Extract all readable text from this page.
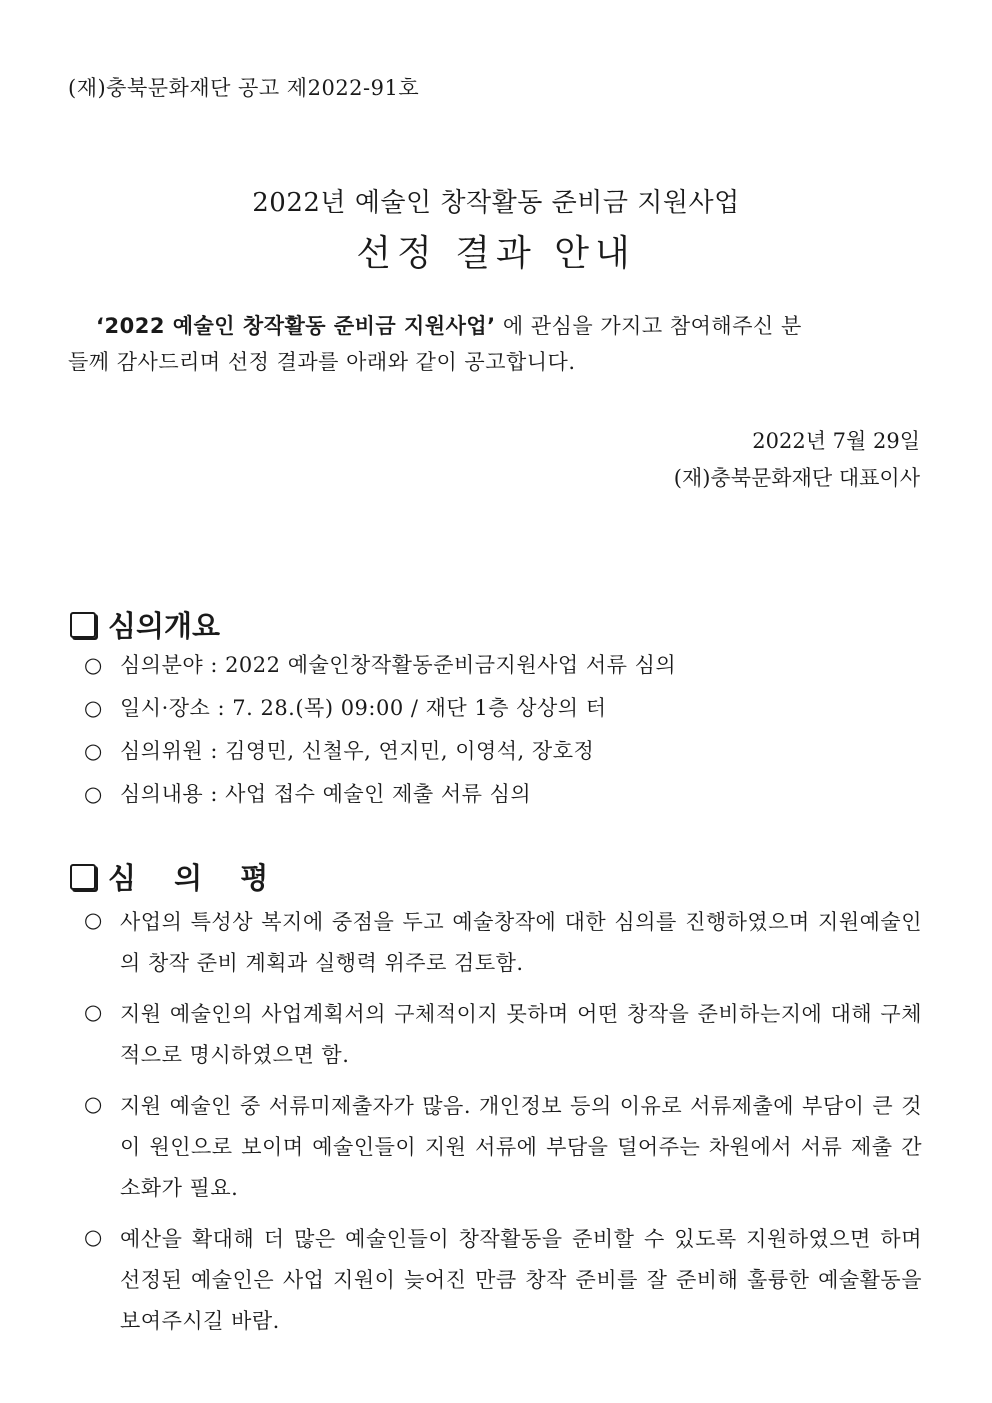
(재)충북문화재단 공고 제2022-91호
2022년 예술인 창작활동 준비금 지원사업
선정 결과 안내
‘2022 예술인 창작활동 준비금 지원사업’ 에 관심을 가지고 참여해주신 분
들께 감사드리며 선정 결과를 아래와 같이 공고합니다.
2022년 7월 29일
(재)충북문화재단 대표이사
심의개요
○ 심의분야 : 2022 예술인창작활동준비금지원사업 서류 심의
○ 일시·장소 : 7. 28.(목) 09:00 / 재단 1층 상상의 터
○ 심의위원 : 김영민, 신철우, 연지민, 이영석, 장호정
○ 심의내용 : 사업 접수 예술인 제출 서류 심의
심 의 평
○ 사업의 특성상 복지에 중점을 두고 예술창작에 대한 심의를 진행하였으며 지원예술인의 창작 준비 계획과 실행력 위주로 검토함.
○ 지원 예술인의 사업계획서의 구체적이지 못하며 어떤 창작을 준비하는지에 대해 구체적으로 명시하였으면 함.
○ 지원 예술인 중 서류미제출자가 많음. 개인정보 등의 이유로 서류제출에 부담이 큰 것이 원인으로 보이며 예술인들이 지원 서류에 부담을 덜어주는 차원에서 서류 제출 간소화가 필요.
○ 예산을 확대해 더 많은 예술인들이 창작활동을 준비할 수 있도록 지원하였으면 하며 선정된 예술인은 사업 지원이 늦어진 만큼 창작 준비를 잘 준비해 훌륭한 예술활동을 보여주시길 바람.
